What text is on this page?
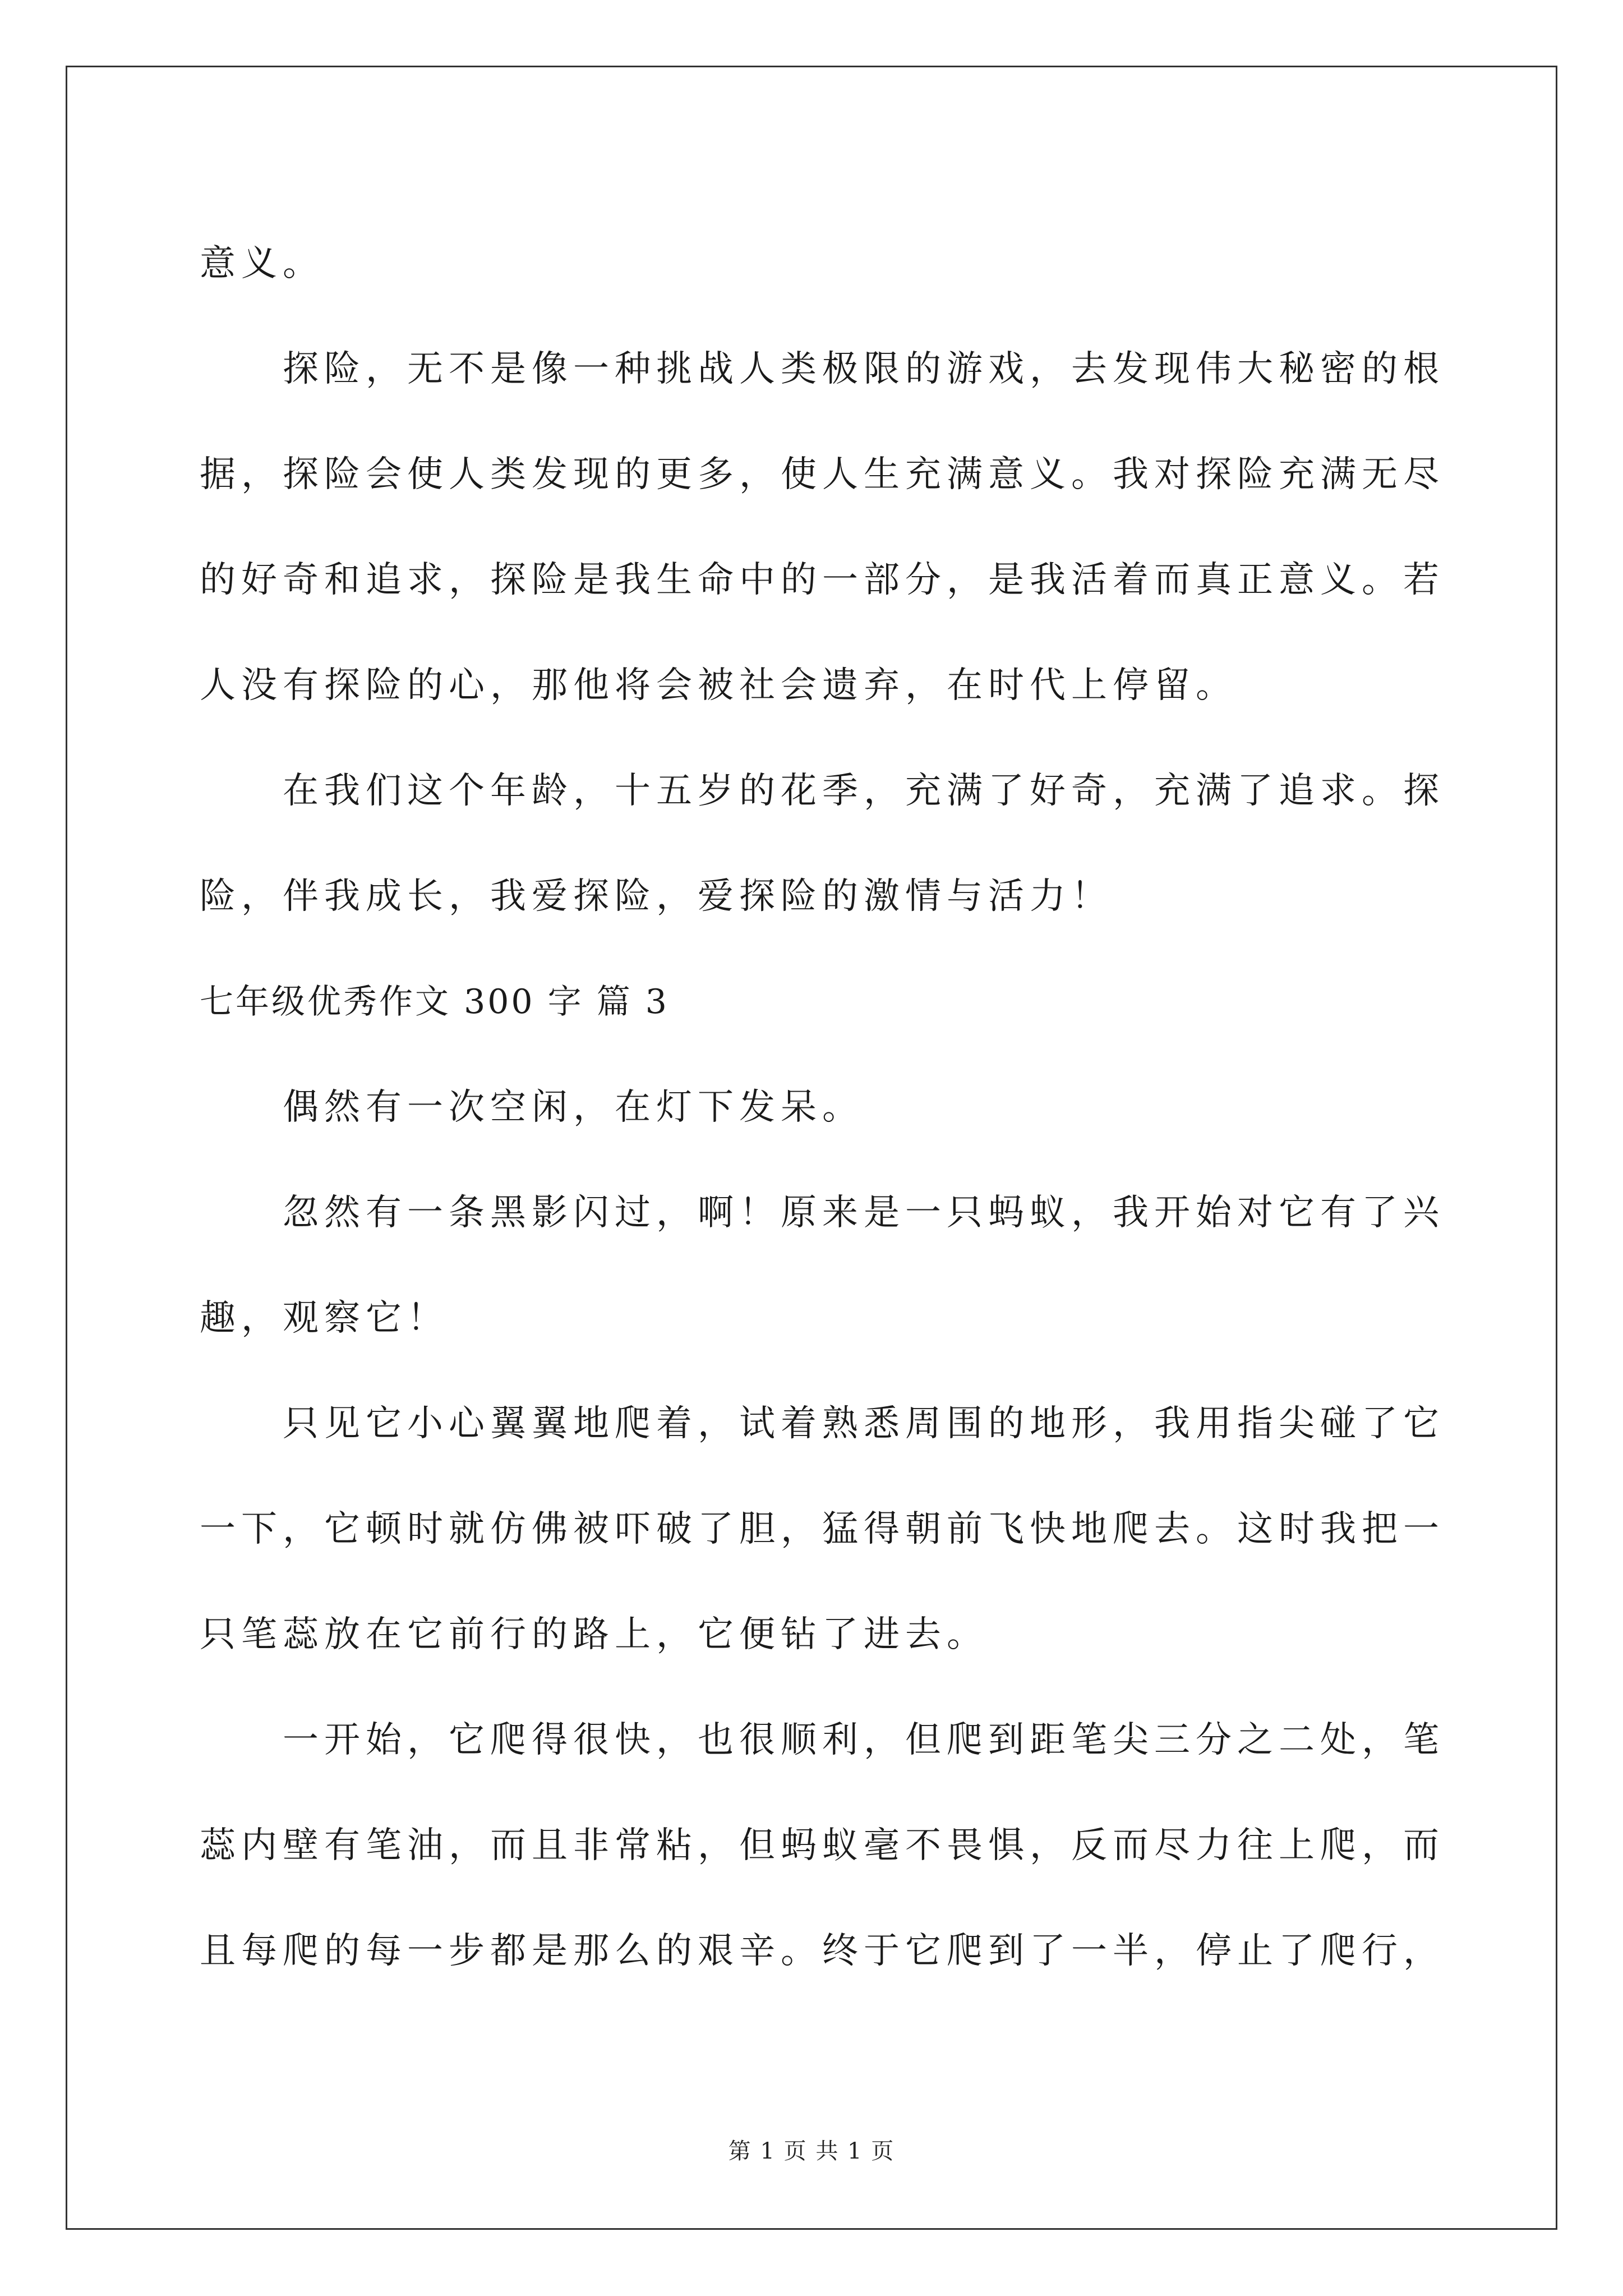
意义。
探险，无不是像一种挑战人类极限的游戏，去发现伟大秘密的根
据，探险会使人类发现的更多，使人生充满意义。我对探险充满无尽
的好奇和追求，探险是我生命中的一部分，是我活着而真正意义。若
人没有探险的心，那他将会被社会遗弃，在时代上停留。
在我们这个年龄，十五岁的花季，充满了好奇，充满了追求。探
险，伴我成长，我爱探险，爱探险的激情与活力！
七年级优秀作文 300 字 篇 3
偶然有一次空闲，在灯下发呆。
忽然有一条黑影闪过，啊！原来是一只蚂蚁，我开始对它有了兴
趣，观察它！
只见它小心翼翼地爬着，试着熟悉周围的地形，我用指尖碰了它
一下，它顿时就仿佛被吓破了胆，猛得朝前飞快地爬去。这时我把一
只笔蕊放在它前行的路上，它便钻了进去。
一开始，它爬得很快，也很顺利，但爬到距笔尖三分之二处，笔
蕊内壁有笔油，而且非常粘，但蚂蚁毫不畏惧，反而尽力往上爬，而
且每爬的每一步都是那么的艰辛。终于它爬到了一半，停止了爬行，
第 1 页 共 1 页
